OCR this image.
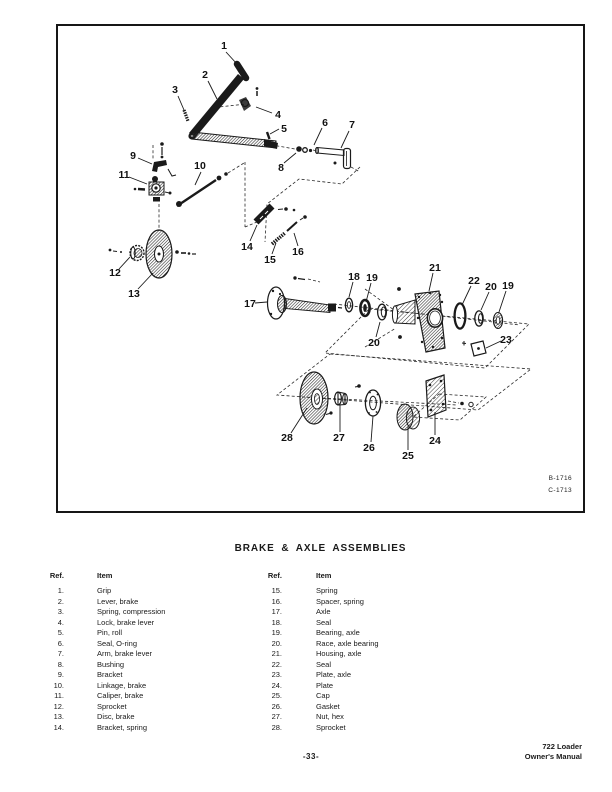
1
2
3
4
5	6 7
8
9
10
11
12
13
14
15
16
17
18 19
20
21
22 20 19
23
24
25
26
27
28
B-1716
C-1713
BRAKE & AXLE ASSEMBLIES
Ref.	Item
1.	Grip
2.	Lever, brake
3.	Spring, compression
4.	Lock, brake lever
5.	Pin, roll
6.	Seal, O-ring
7.	Arm, brake lever
8.	Bushing
9.	Bracket
10.	Linkage, brake
11.	Caliper, brake
12.	Sprocket
13.	Disc, brake
14.	Bracket, spring
Ref.	Item
15.	Spring
16.	Spacer, spring
17.	Axle
18.	Seal
19.	Bearing, axle
20.	Race, axle bearing
21.	Housing, axle
22.	Seal
23.	Plate, axle
24.	Plate
25.	Cap
26.	Gasket
27.	Nut, hex
28.	Sprocket
-33-
722 Loader
Owner's Manual
